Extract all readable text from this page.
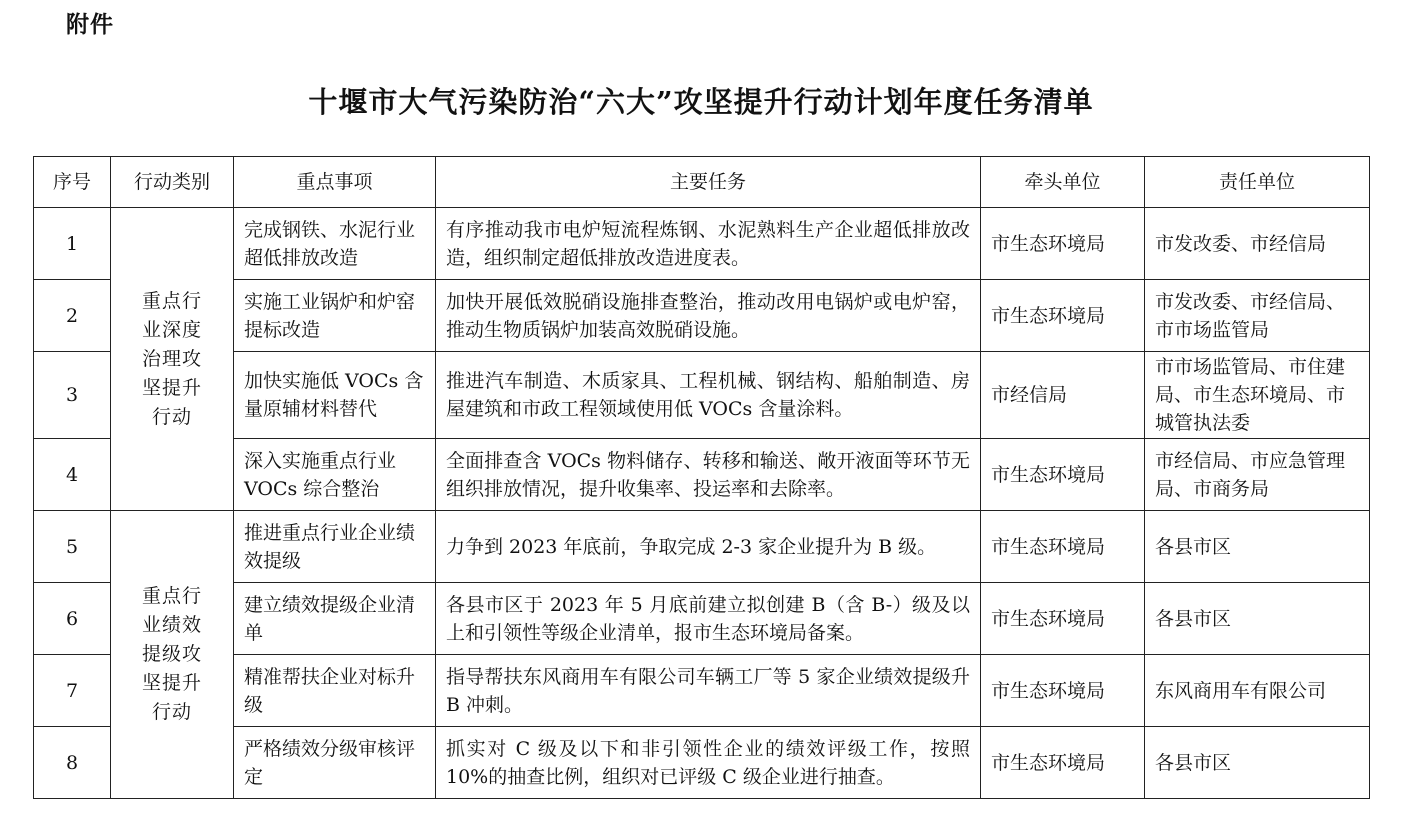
附件
十堰市大气污染防治“六大”攻坚提升行动计划年度任务清单
序号	行动类别	重点事项	主要任务	牵头单位	责任单位
1	重点行业深度治理攻坚提升行动	完成钢铁、水泥行业超低排放改造	有序推动我市电炉短流程炼钢、水泥熟料生产企业超低排放改造，组织制定超低排放改造进度表。	市生态环境局	市发改委、市经信局
2		实施工业锅炉和炉窑提标改造	加快开展低效脱硝设施排查整治，推动改用电锅炉或电炉窑，推动生物质锅炉加装高效脱硝设施。	市生态环境局	市发改委、市经信局、市市场监管局
3		加快实施低 VOCs 含量原辅材料替代	推进汽车制造、木质家具、工程机械、钢结构、船舶制造、房屋建筑和市政工程领域使用低 VOCs 含量涂料。	市经信局	市市场监管局、市住建局、市生态环境局、市城管执法委
4		深入实施重点行业 VOCs 综合整治	全面排查含 VOCs 物料储存、转移和输送、敞开液面等环节无组织排放情况，提升收集率、投运率和去除率。	市生态环境局	市经信局、市应急管理局、市商务局
5	重点行业绩效提级攻坚提升行动	推进重点行业企业绩效提级	力争到 2023 年底前，争取完成 2-3 家企业提升为 B 级。	市生态环境局	各县市区
6		建立绩效提级企业清单	各县市区于 2023 年 5 月底前建立拟创建 B（含 B-）级及以上和引领性等级企业清单，报市生态环境局备案。	市生态环境局	各县市区
7		精准帮扶企业对标升级	指导帮扶东风商用车有限公司车辆工厂等 5 家企业绩效提级升 B 冲刺。	市生态环境局	东风商用车有限公司
8		严格绩效分级审核评定	抓实对 C 级及以下和非引领性企业的绩效评级工作，按照 10%的抽查比例，组织对已评级 C 级企业进行抽查。	市生态环境局	各县市区
